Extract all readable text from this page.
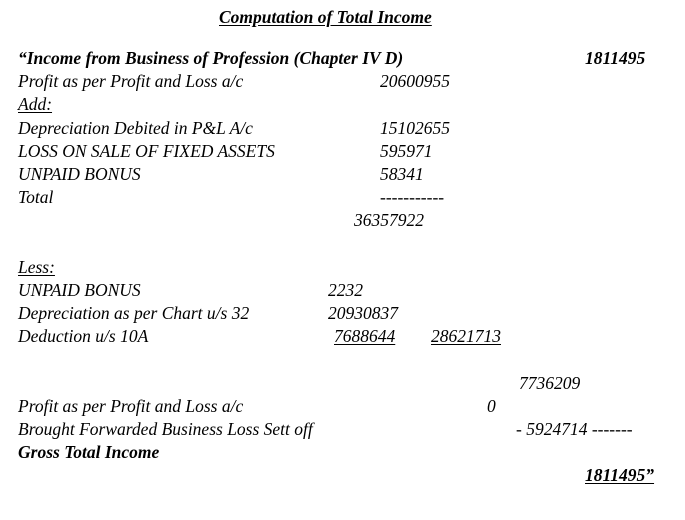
Computation of Total Income
“Income from Business of Profession (Chapter IV D)	1811495
Profit as per Profit and Loss a/c	20600955
Add:
Depreciation Debited in P&L A/c	15102655
LOSS ON SALE OF FIXED ASSETS	595971
UNPAID BONUS	58341
Total	-----------
36357922
Less:
UNPAID BONUS	2232
Depreciation as per Chart u/s 32	20930837
Deduction u/s 10A	7688644 28621713
7736209
Profit as per Profit and Loss a/c	0
Brought Forwarded Business Loss Sett off	- 5924714 -------
Gross Total Income
1811495”
